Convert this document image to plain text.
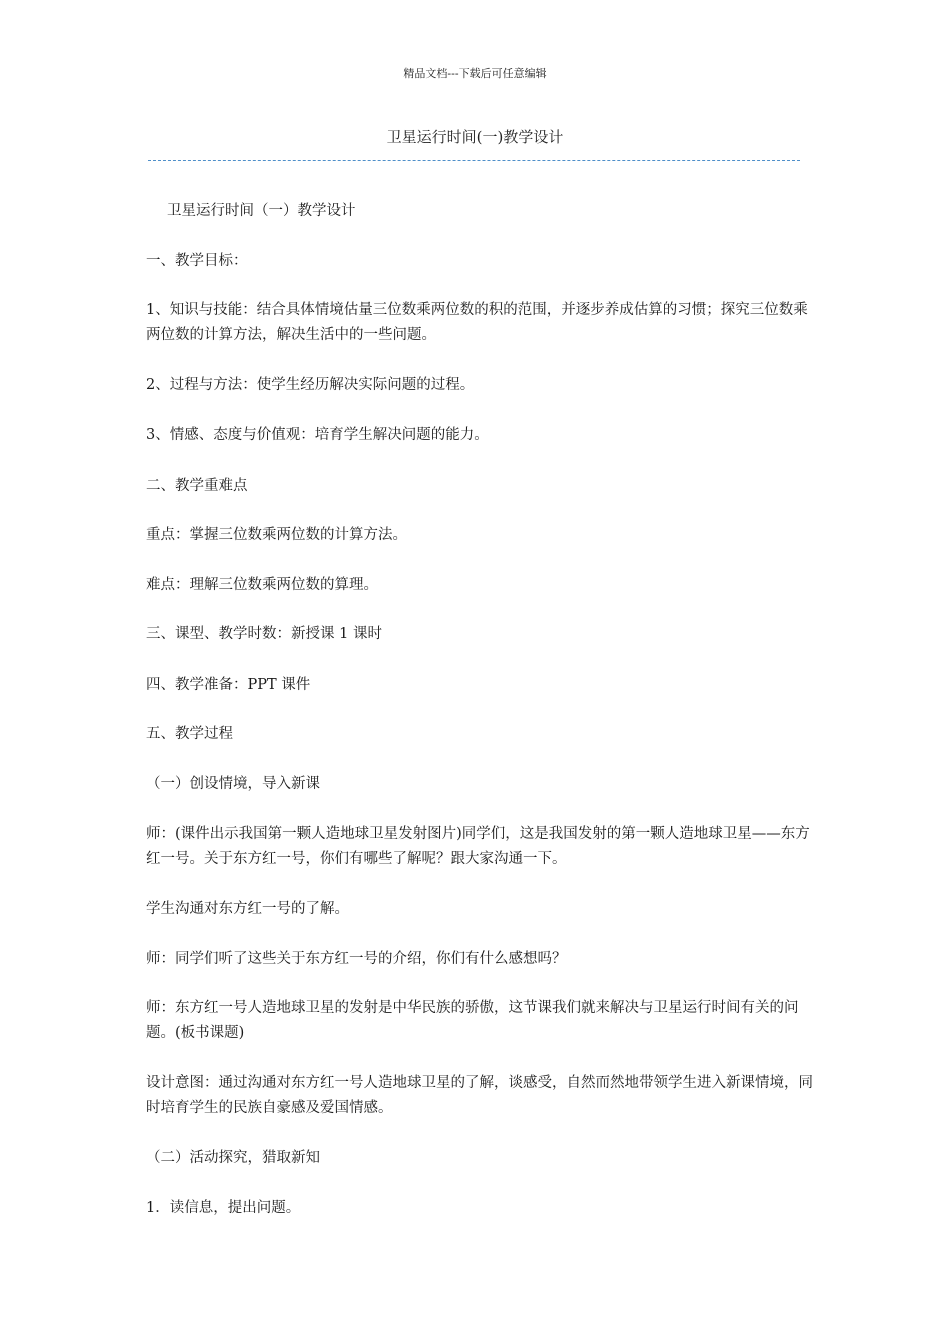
精品文档---下载后可任意编辑
卫星运行时间(一)教学设计
卫星运行时间（一）教学设计
一、教学目标：
1、知识与技能：结合具体情境估量三位数乘两位数的积的范围，并逐步养成估算的习惯；探究三位数乘两位数的计算方法，解决生活中的一些问题。
2、过程与方法：使学生经历解决实际问题的过程。
3、情感、态度与价值观：培育学生解决问题的能力。
二、教学重难点
重点：掌握三位数乘两位数的计算方法。
难点：理解三位数乘两位数的算理。
三、课型、教学时数：新授课 1 课时
四、教学准备：PPT 课件
五、教学过程
（一）创设情境，导入新课
师：(课件出示我国第一颗人造地球卫星发射图片)同学们，这是我国发射的第一颗人造地球卫星——东方红一号。关于东方红一号，你们有哪些了解呢？跟大家沟通一下。
学生沟通对东方红一号的了解。
师：同学们听了这些关于东方红一号的介绍，你们有什么感想吗？
师：东方红一号人造地球卫星的发射是中华民族的骄傲，这节课我们就来解决与卫星运行时间有关的问题。(板书课题)
设计意图：通过沟通对东方红一号人造地球卫星的了解，谈感受，自然而然地带领学生进入新课情境，同时培育学生的民族自豪感及爱国情感。
（二）活动探究，猎取新知
1．读信息，提出问题。
